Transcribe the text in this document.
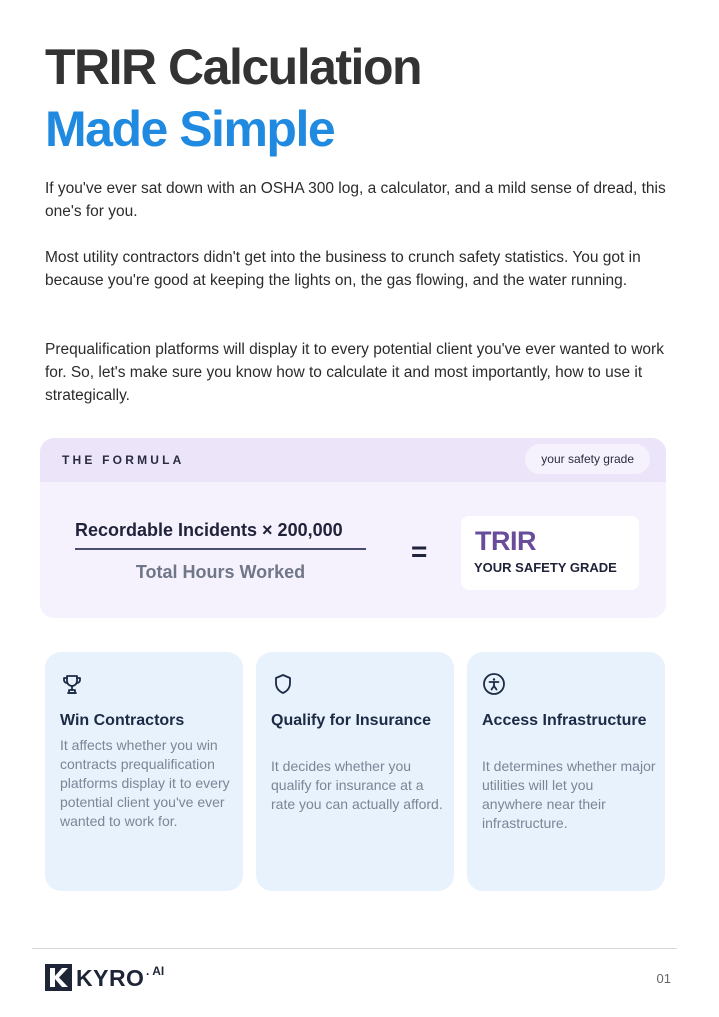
TRIR Calculation
Made Simple

If you've ever sat down with an OSHA 300 log, a calculator, and a mild sense of dread, this one's for you.

Most utility contractors didn't get into the business to crunch safety statistics. You got in because you're good at keeping the lights on, the gas flowing, and the water running.

Prequalification platforms will display it to every potential client you've ever wanted to work for. So, let's make sure you know how to calculate it and most importantly, how to use it strategically.

THE FORMULA	your safety grade
Recordable Incidents × 200,000
Total Hours Worked
= TRIR
YOUR SAFETY GRADE
Win Contractors
It affects whether you win contracts prequalification platforms display it to every potential client you've ever wanted to work for.
Qualify for Insurance
It decides whether you qualify for insurance at a rate you can actually afford.
Access Infrastructure
It determines whether major utilities will let you anywhere near their infrastructure.
KYRO . AI	01
